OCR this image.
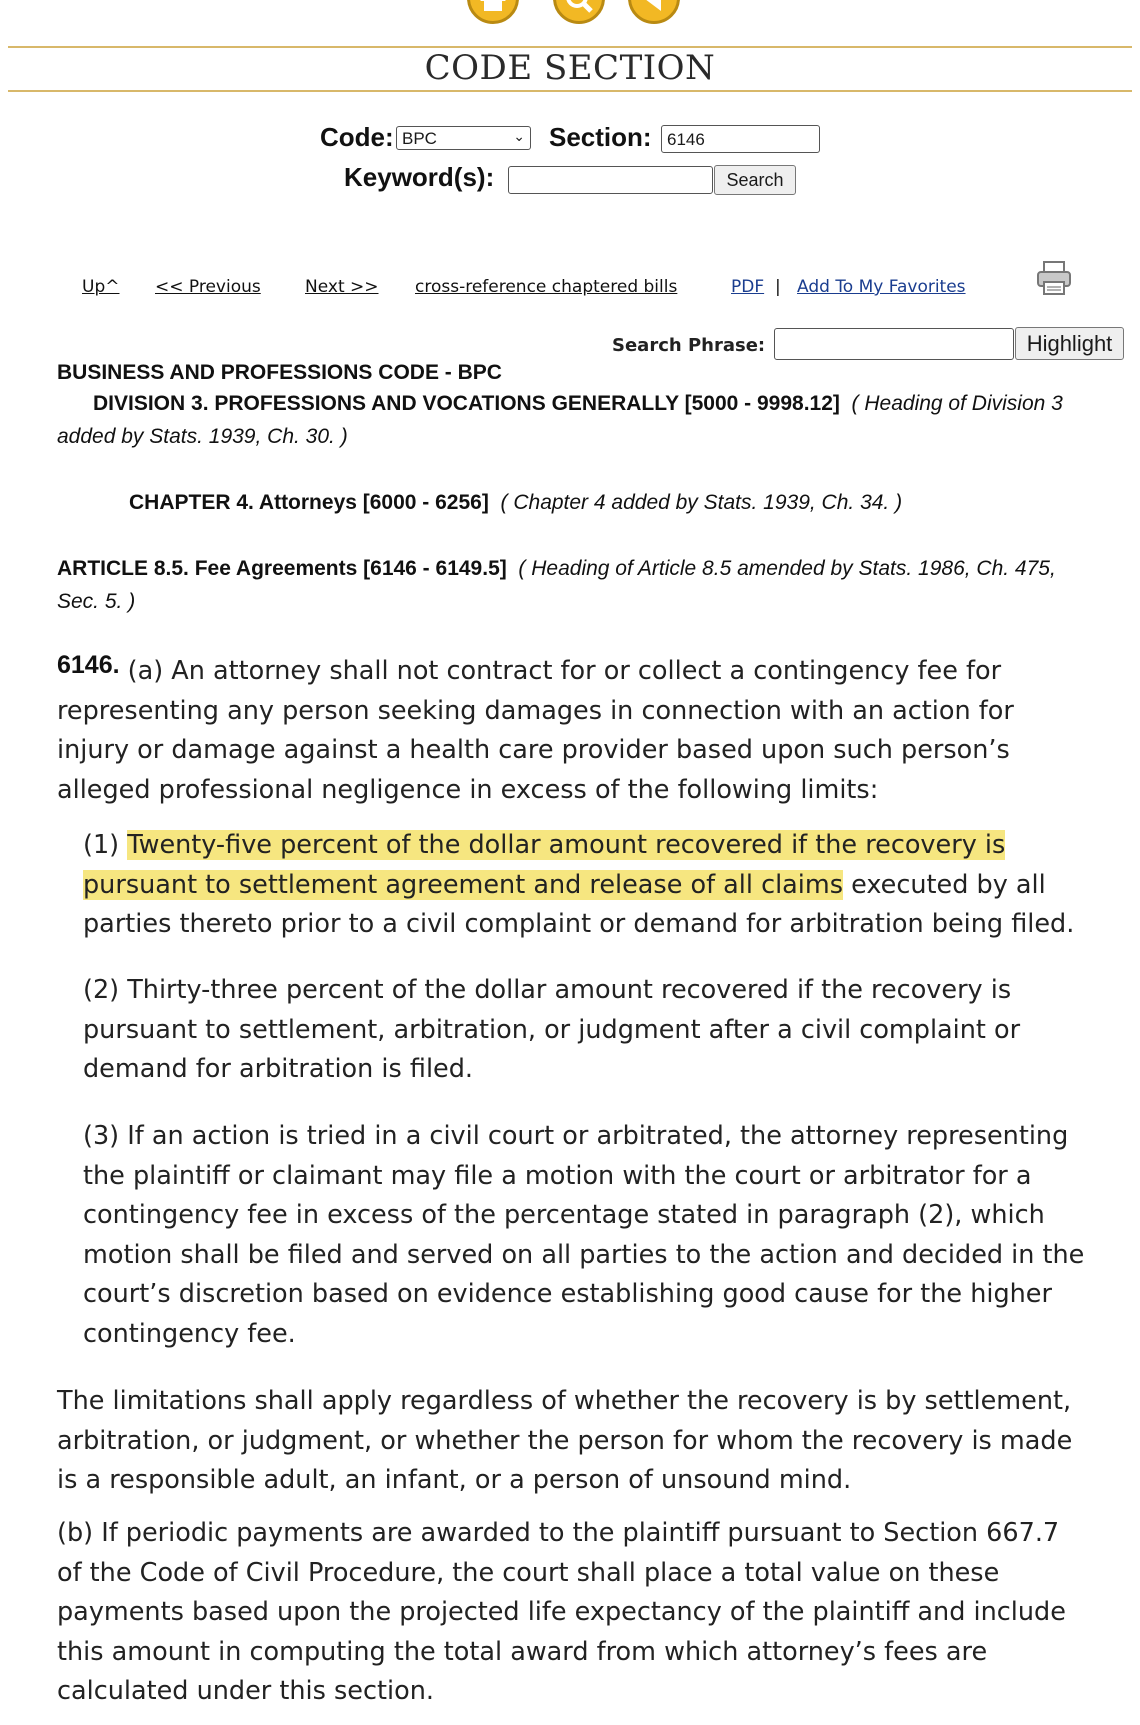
CODE SECTION
Code: BPC	⌄ Section: 6146
Keyword(s):	Search
Up^ << Previous	Next >> cross-reference chaptered bills	PDF | Add To My Favorites
Search Phrase:	Highlight
BUSINESS AND PROFESSIONS CODE - BPC
DIVISION 3. PROFESSIONS AND VOCATIONS GENERALLY [5000 - 9998.12] ( Heading of Division 3
added by Stats. 1939, Ch. 30. )
CHAPTER 4. Attorneys [6000 - 6256] ( Chapter 4 added by Stats. 1939, Ch. 34. )
ARTICLE 8.5. Fee Agreements [6146 - 6149.5] ( Heading of Article 8.5 amended by Stats. 1986, Ch. 475,
Sec. 5. )
6146. (a) An attorney shall not contract for or collect a contingency fee for
representing any person seeking damages in connection with an action for
injury or damage against a health care provider based upon such person’s
alleged professional negligence in excess of the following limits:
(1) Twenty-five percent of the dollar amount recovered if the recovery is
pursuant to settlement agreement and release of all claims executed by all
parties thereto prior to a civil complaint or demand for arbitration being filed.
(2) Thirty-three percent of the dollar amount recovered if the recovery is
pursuant to settlement, arbitration, or judgment after a civil complaint or
demand for arbitration is filed.
(3) If an action is tried in a civil court or arbitrated, the attorney representing
the plaintiff or claimant may file a motion with the court or arbitrator for a
contingency fee in excess of the percentage stated in paragraph (2), which
motion shall be filed and served on all parties to the action and decided in the
court’s discretion based on evidence establishing good cause for the higher
contingency fee.
The limitations shall apply regardless of whether the recovery is by settlement,
arbitration, or judgment, or whether the person for whom the recovery is made
is a responsible adult, an infant, or a person of unsound mind.
(b) If periodic payments are awarded to the plaintiff pursuant to Section 667.7
of the Code of Civil Procedure, the court shall place a total value on these
payments based upon the projected life expectancy of the plaintiff and include
this amount in computing the total award from which attorney’s fees are
calculated under this section.
